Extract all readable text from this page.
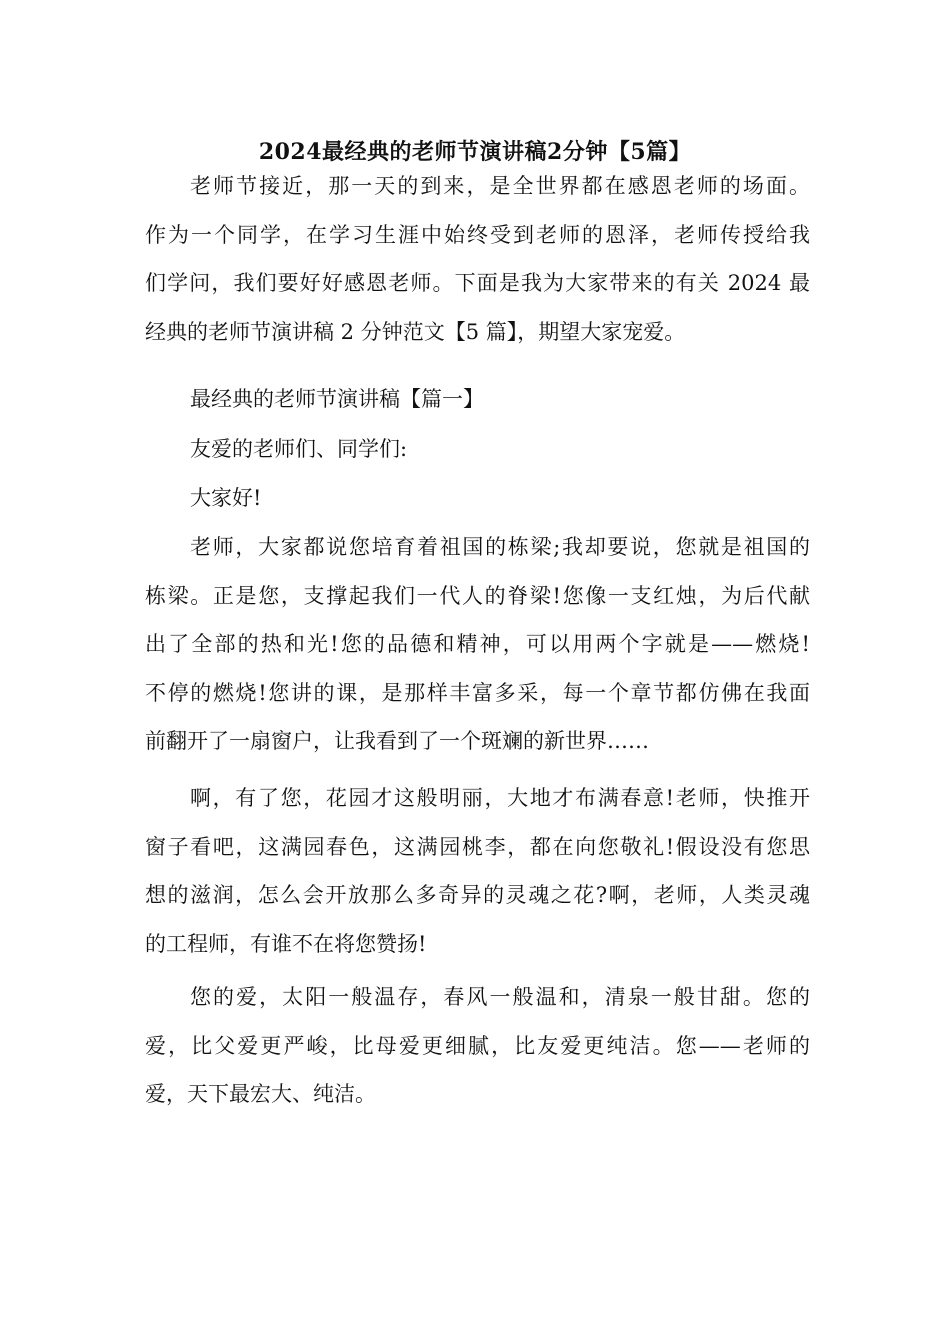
2024最经典的老师节演讲稿2分钟【5篇】
老师节接近，那一天的到来，是全世界都在感恩老师的场面。
作为一个同学，在学习生涯中始终受到老师的恩泽，老师传授给我
们学问，我们要好好感恩老师。下面是我为大家带来的有关 2024 最
经典的老师节演讲稿 2 分钟范文【5 篇】，期望大家宠爱。
最经典的老师节演讲稿【篇一】
友爱的老师们、同学们:
大家好!
老师，大家都说您培育着祖国的栋梁;我却要说，您就是祖国的
栋梁。正是您，支撑起我们一代人的脊梁!您像一支红烛，为后代献
出了全部的热和光!您的品德和精神，可以用两个字就是——燃烧!
不停的燃烧!您讲的课，是那样丰富多采，每一个章节都仿佛在我面
前翻开了一扇窗户，让我看到了一个斑斓的新世界……
啊，有了您，花园才这般明丽，大地才布满春意!老师，快推开
窗子看吧，这满园春色，这满园桃李，都在向您敬礼!假设没有您思
想的滋润，怎么会开放那么多奇异的灵魂之花?啊，老师，人类灵魂
的工程师，有谁不在将您赞扬!
您的爱，太阳一般温存，春风一般温和，清泉一般甘甜。您的
爱，比父爱更严峻，比母爱更细腻，比友爱更纯洁。您——老师的
爱，天下最宏大、纯洁。
